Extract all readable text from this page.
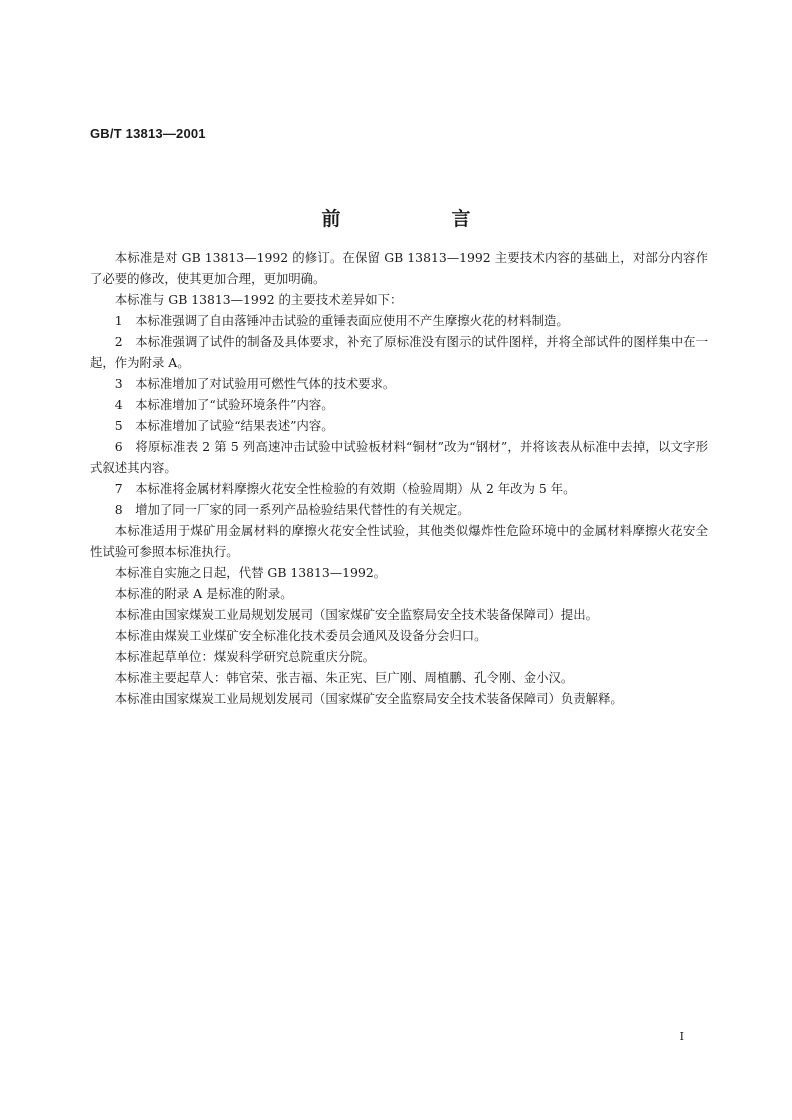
GB/T 13813—2001
前　言

本标准是对 GB 13813—1992 的修订。在保留 GB 13813—1992 主要技术内容的基础上，对部分内容作了必要的修改，使其更加合理，更加明确。

本标准与 GB 13813—1992 的主要技术差异如下：

1　本标准强调了自由落锤冲击试验的重锤表面应使用不产生摩擦火花的材料制造。

2　本标准强调了试件的制备及具体要求，补充了原标准没有图示的试件图样，并将全部试件的图样集中在一起，作为附录 A。

3　本标准增加了对试验用可燃性气体的技术要求。

4　本标准增加了“试验环境条件”内容。

5　本标准增加了试验“结果表述”内容。

6　将原标准表 2 第 5 列高速冲击试验中试验板材料“铜材”改为“钢材”，并将该表从标准中去掉，以文字形式叙述其内容。

7　本标准将金属材料摩擦火花安全性检验的有效期（检验周期）从 2 年改为 5 年。

8　增加了同一厂家的同一系列产品检验结果代替性的有关规定。

本标准适用于煤矿用金属材料的摩擦火花安全性试验，其他类似爆炸性危险环境中的金属材料摩擦火花安全性试验可参照本标准执行。

本标准自实施之日起，代替 GB 13813—1992。

本标准的附录 A 是标准的附录。

本标准由国家煤炭工业局规划发展司（国家煤矿安全监察局安全技术装备保障司）提出。

本标准由煤炭工业煤矿安全标准化技术委员会通风及设备分会归口。

本标准起草单位：煤炭科学研究总院重庆分院。

本标准主要起草人：韩官荣、张吉福、朱正宪、巨广刚、周植鹏、孔令刚、金小汉。

本标准由国家煤炭工业局规划发展司（国家煤矿安全监察局安全技术装备保障司）负责解释。

I
